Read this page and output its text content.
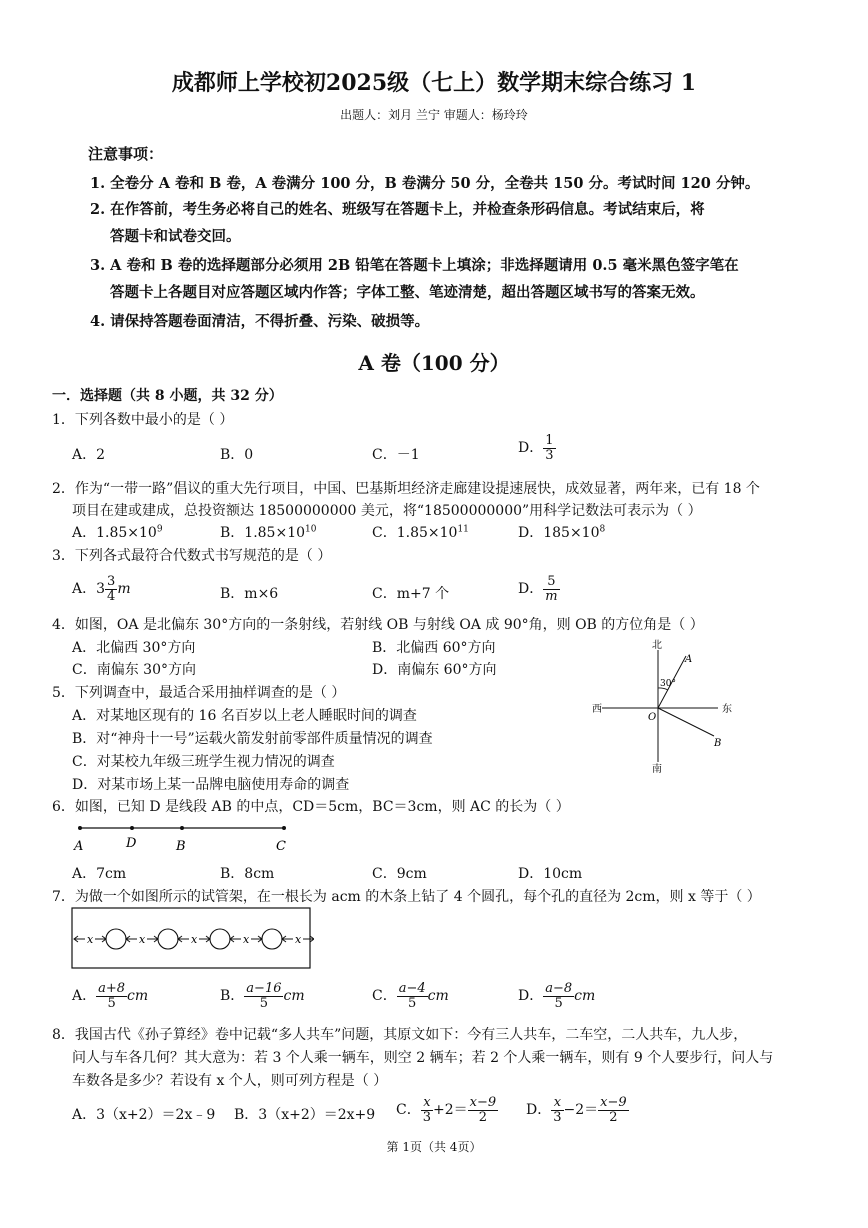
成都师上学校初2025级（七上）数学期末综合练习 1
出题人：刘月 兰宁 审题人：杨玲玲
注意事项：
1. 全卷分 A 卷和 B 卷，A 卷满分 100 分，B 卷满分 50 分，全卷共 150 分。考试时间 120 分钟。
2. 在作答前，考生务必将自己的姓名、班级写在答题卡上，并检查条形码信息。考试结束后，将
答题卡和试卷交回。
3. A 卷和 B 卷的选择题部分必须用 2B 铅笔在答题卡上填涂；非选择题请用 0.5 毫米黑色签字笔在
答题卡上各题目对应答题区域内作答；字体工整、笔迹清楚，超出答题区域书写的答案无效。
4. 请保持答题卷面清洁，不得折叠、污染、破损等。
A 卷（100 分）
一．选择题（共 8 小题，共 32 分）
1．下列各数中最小的是（ ）
A．2	B．0	C．－1	D． $\frac{1}{3}$
2．作为“一带一路”倡议的重大先行项目，中国、巴基斯坦经济走廊建设提速展快，成效显著，两年来，已有 18 个
项目在建或建成，总投资额达 18500000000 美元，将“18500000000”用科学记数法可表示为（ ）
A．$1.85\times 10^9$	B．$1.85\times 10^{10}$	C．$1.85\times 10^{11}$	D．$185\times 10^8$
3．下列各式最符合代数式书写规范的是（ ）
A．$3 \frac{3}{4}$ m	B．m×6	C．m+7 个	D． $\frac{5}{m}$
4．如图，OA 是北偏东 30°方向的一条射线，若射线 OB 与射线 OA 成 90°角，则 OB 的方位角是（ ）
A．北偏西 30°方向	B．北偏西 60°方向
C．南偏东 30°方向	D．南偏东 60°方向
北
南
东
西
O
A
B
30°
5．下列调查中，最适合采用抽样调查的是（ ）
A．对某地区现有的 16 名百岁以上老人睡眠时间的调查
B．对“神舟十一号”运载火箭发射前零部件质量情况的调查
C．对某校九年级三班学生视力情况的调查
D．对某市场上某一品牌电脑使用寿命的调查
6．如图，已知 D 是线段 AB 的中点，CD＝5cm，BC＝3cm，则 AC 的长为（ ）
A	D	B	C
A．7cm	B．8cm	C．9cm	D．10cm
7．为做一个如图所示的试管架，在一根长为 acm 的木条上钻了 4 个圆孔，每个孔的直径为 2cm，则 x 等于（ ）
x	x	x	x	x
A． $\frac{a+8}{5}$ cm	B． $\frac{a-16}{5}$ cm	C． $\frac{a-4}{5}$ cm	D． $\frac{a-8}{5}$ cm
8．我国古代《孙子算经》卷中记载“多人共车”问题，其原文如下：今有三人共车，二车空，二人共车，九人步，
问人与车各几何？其大意为：若 3 个人乘一辆车，则空 2 辆车；若 2 个人乘一辆车，则有 9 个人要步行，问人与
车数各是多少？若设有 x 个人，则可列方程是（ ）
A．3（x+2）＝2x﹣9 B．3（x+2）＝2x+9 C． $\frac{x}{3} +2= \frac{x-9}{2}$ D． $\frac{x}{3} -2= \frac{x-9}{2}$
第 1页（共 4页）
